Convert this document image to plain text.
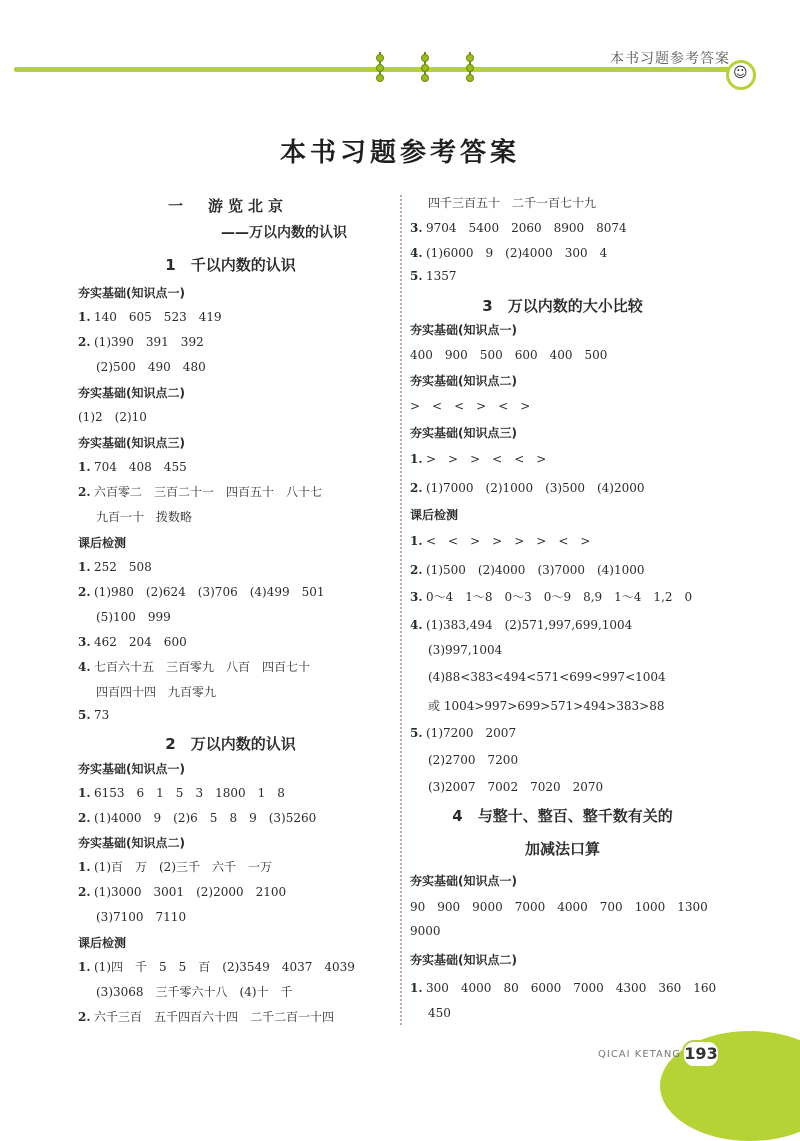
本书习题参考答案
☺
本书习题参考答案
一　游览北京
——万以内数的认识
1　千以内数的认识
夯实基础(知识点一)
1. 140　605　523　419
2. (1)390　391　392
(2)500　490　480
夯实基础(知识点二)
(1)2　(2)10
夯实基础(知识点三)
1. 704　408　455
2. 六百零二　三百二十一　四百五十　八十七
九百一十　拨数略
课后检测
1. 252　508
2. (1)980　(2)624　(3)706　(4)499　501
(5)100　999
3. 462　204　600
4. 七百六十五　三百零九　八百　四百七十
四百四十四　九百零九
5. 73
2　万以内数的认识
夯实基础(知识点一)
1. 6153　6　1　5　3　1800　1　8
2. (1)4000　9　(2)6　5　8　9　(3)5260
夯实基础(知识点二)
1. (1)百　万　(2)三千　六千　一万
2. (1)3000　3001　(2)2000　2100
(3)7100　7110
课后检测
1. (1)四　千　5　5　百　(2)3549　4037　4039
(3)3068　三千零六十八　(4)十　千
2. 六千三百　五千四百六十四　二千二百一十四
四千三百五十　二千一百七十九
3. 9704　5400　2060　8900　8074
4. (1)6000　9　(2)4000　300　4
5. 1357
3　万以内数的大小比较
夯实基础(知识点一)
400　900　500　600　400　500
夯实基础(知识点二)
>　<　<　>　<　>
夯实基础(知识点三)
1. >　>　>　<　<　>
2. (1)7000　(2)1000　(3)500　(4)2000
课后检测
1. <　<　>　>　>　>　<　>
2. (1)500　(2)4000　(3)7000　(4)1000
3. 0～4　1～8　0～3　0～9　8,9　1～4　1,2　0
4. (1)383,494　(2)571,997,699,1004
(3)997,1004
(4)88<383<494<571<699<997<1004
或 1004>997>699>571>494>383>88
5. (1)7200　2007
(2)2700　7200
(3)2007　7002　7020　2070
4　与整十、整百、整千数有关的
加减法口算
夯实基础(知识点一)
90　900　9000　7000　4000　700　1000　1300
9000
夯实基础(知识点二)
1. 300　4000　80　6000　7000　4300　360　160
450
QICAI KETANG 193
